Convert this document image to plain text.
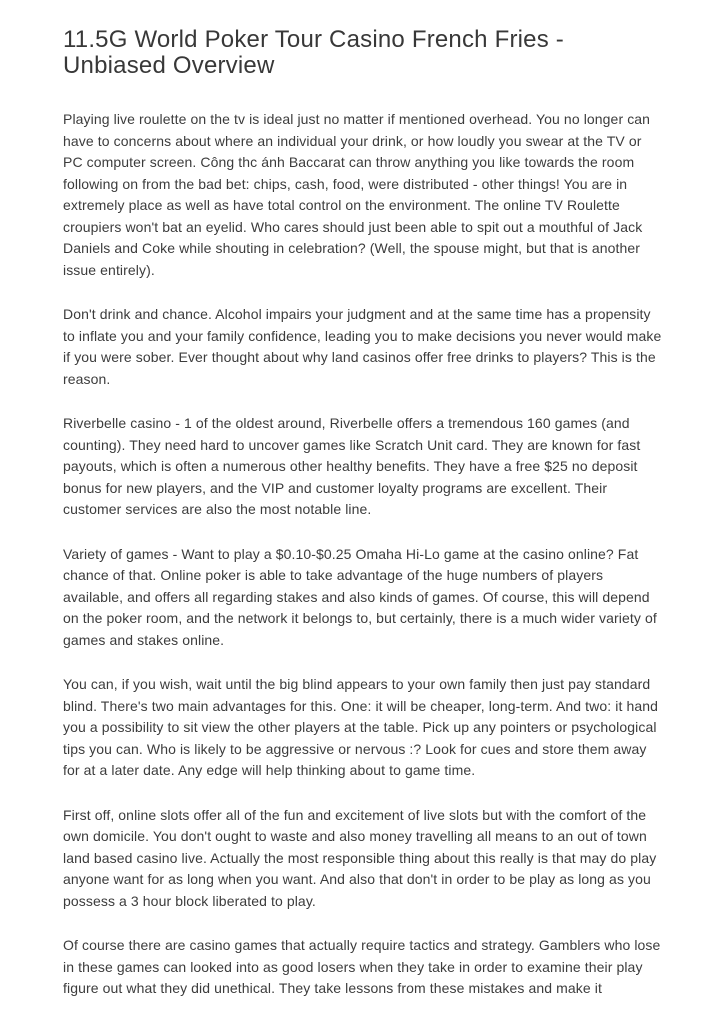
11.5G World Poker Tour Casino French Fries - Unbiased Overview

Playing live roulette on the tv is ideal just no matter if mentioned overhead. You no longer can have to concerns about where an individual your drink, or how loudly you swear at the TV or PC computer screen. Công thc ánh Baccarat can throw anything you like towards the room following on from the bad bet: chips, cash, food, were distributed - other things! You are in extremely place as well as have total control on the environment. The online TV Roulette croupiers won't bat an eyelid. Who cares should just been able to spit out a mouthful of Jack Daniels and Coke while shouting in celebration? (Well, the spouse might, but that is another issue entirely).

Don't drink and chance. Alcohol impairs your judgment and at the same time has a propensity to inflate you and your family confidence, leading you to make decisions you never would make if you were sober. Ever thought about why land casinos offer free drinks to players? This is the reason.

Riverbelle casino - 1 of the oldest around, Riverbelle offers a tremendous 160 games (and counting). They need hard to uncover games like Scratch Unit card. They are known for fast payouts, which is often a numerous other healthy benefits. They have a free $25 no deposit bonus for new players, and the VIP and customer loyalty programs are excellent. Their customer services are also the most notable line.

Variety of games - Want to play a $0.10-$0.25 Omaha Hi-Lo game at the casino online? Fat chance of that. Online poker is able to take advantage of the huge numbers of players available, and offers all regarding stakes and also kinds of games. Of course, this will depend on the poker room, and the network it belongs to, but certainly, there is a much wider variety of games and stakes online.

You can, if you wish, wait until the big blind appears to your own family then just pay standard blind. There's two main advantages for this. One: it will be cheaper, long-term. And two: it hand you a possibility to sit view the other players at the table. Pick up any pointers or psychological tips you can. Who is likely to be aggressive or nervous :? Look for cues and store them away for at a later date. Any edge will help thinking about to game time.

First off, online slots offer all of the fun and excitement of live slots but with the comfort of the own domicile. You don't ought to waste and also money travelling all means to an out of town land based casino live. Actually the most responsible thing about this really is that may do play anyone want for as long when you want. And also that don't in order to be play as long as you possess a 3 hour block liberated to play.

Of course there are casino games that actually require tactics and strategy. Gamblers who lose in these games can looked into as good losers when they take in order to examine their play figure out what they did unethical. They take lessons from these mistakes and make it
